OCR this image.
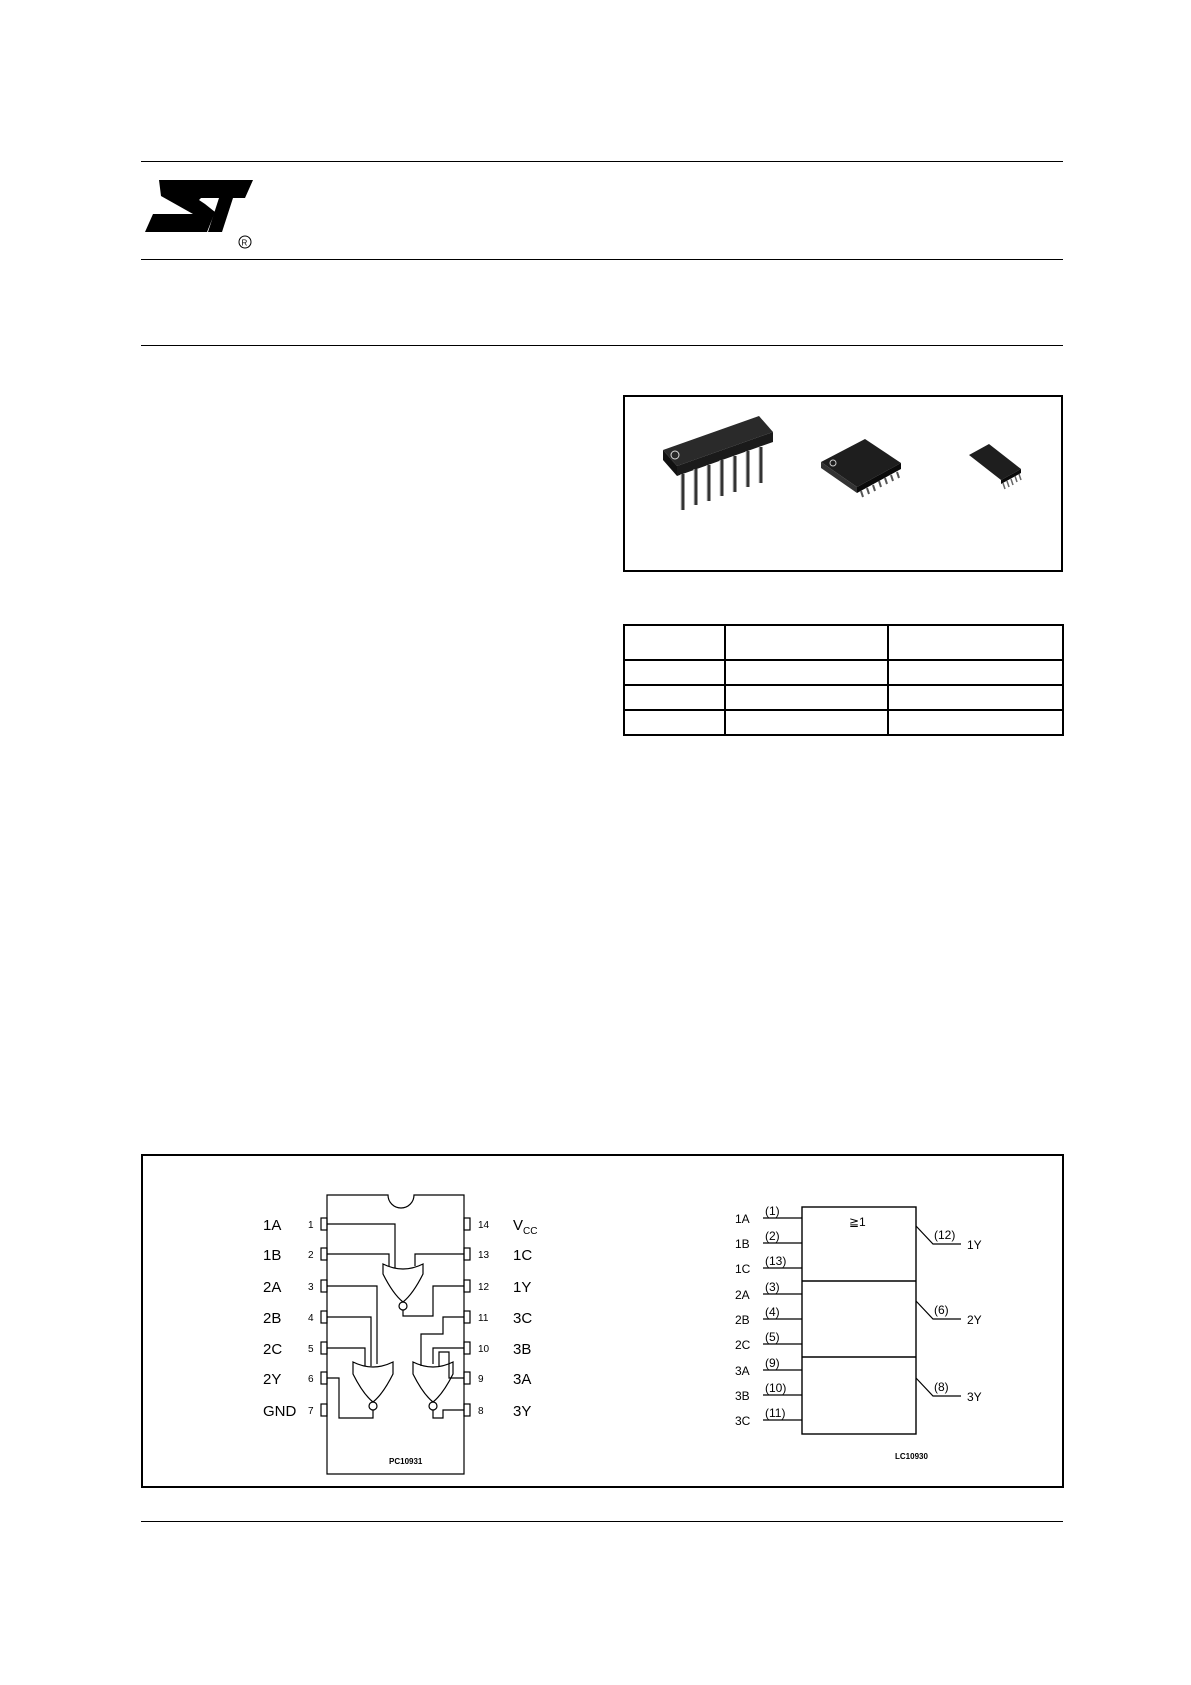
R

1A	1
1B	2
2A	3
2B	4
2C	5
2Y	6
GND 7
14 $V_{CC}$
13 1C
12 1Y
11 3C
10 3B
9 3A
8 3Y
PC10931
≧1
1A
(1)
1B
(2)
1C
(13)
2A
(3)
2B
(4)
2C
(5)
3A
(9)
3B
(10)
3C
(11)
(12)
1Y
(6)
2Y
(8)
3Y
LC10930
